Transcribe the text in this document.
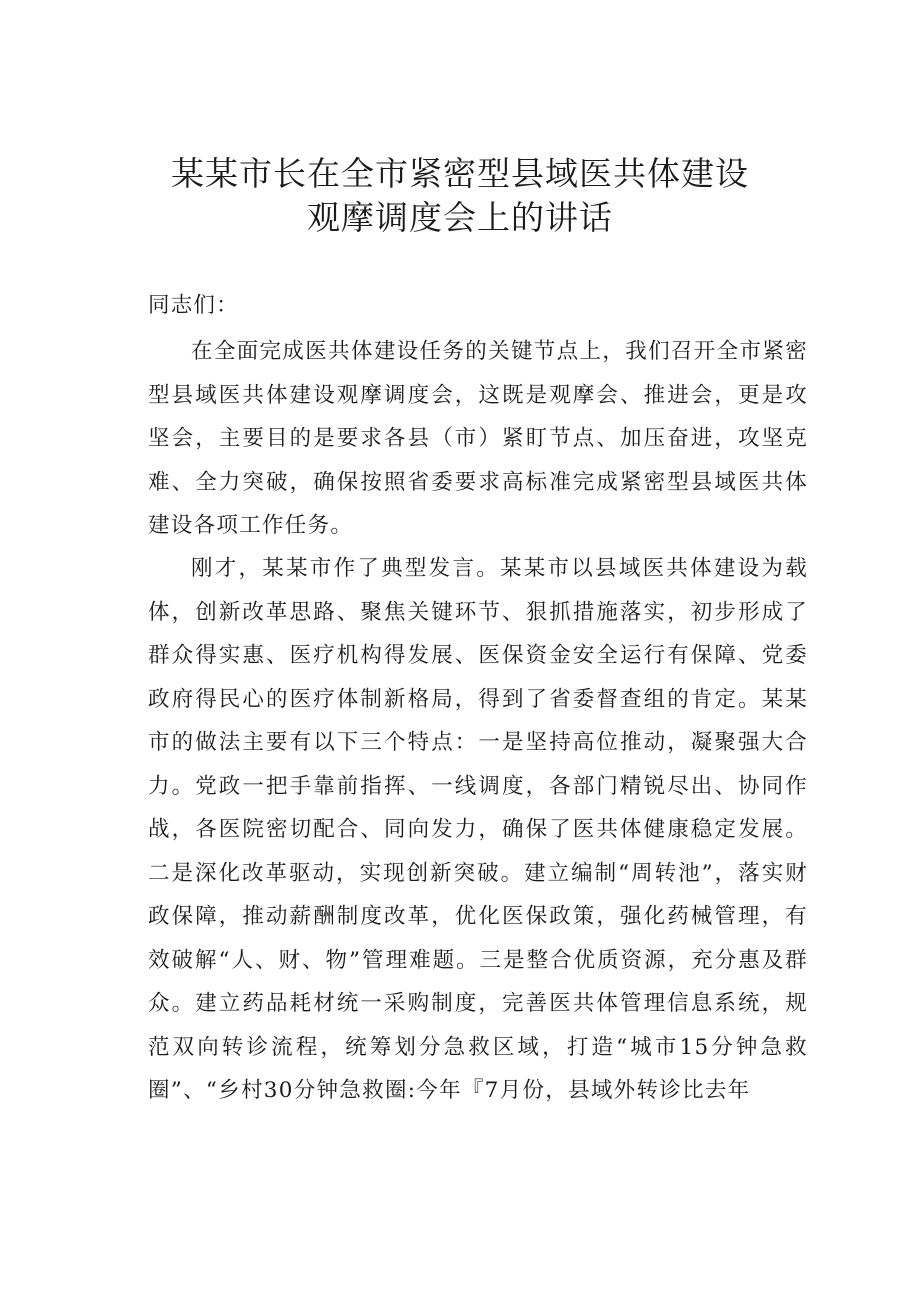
某某市长在全市紧密型县域医共体建设
观摩调度会上的讲话

同志们：

在全面完成医共体建设任务的关键节点上，我们召开全市紧密型县域医共体建设观摩调度会，这既是观摩会、推进会，更是攻坚会，主要目的是要求各县（市）紧盯节点、加压奋进，攻坚克难、全力突破，确保按照省委要求高标准完成紧密型县域医共体建设各项工作任务。

刚才，某某市作了典型发言。某某市以县域医共体建设为载体，创新改革思路、聚焦关键环节、狠抓措施落实，初步形成了群众得实惠、医疗机构得发展、医保资金安全运行有保障、党委政府得民心的医疗体制新格局，得到了省委督查组的肯定。某某市的做法主要有以下三个特点：一是坚持高位推动，凝聚强大合力。党政一把手靠前指挥、一线调度，各部门精锐尽出、协同作战，各医院密切配合、同向发力，确保了医共体健康稳定发展。二是深化改革驱动，实现创新突破。建立编制“周转池”，落实财政保障，推动薪酬制度改革，优化医保政策，强化药械管理，有效破解“人、财、物”管理难题。三是整合优质资源，充分惠及群众。建立药品耗材统一采购制度，完善医共体管理信息系统，规范双向转诊流程，统筹划分急救区域，打造“城市15分钟急救圈”、“乡村30分钟急救圈:今年『7月份，县域外转诊比去年
